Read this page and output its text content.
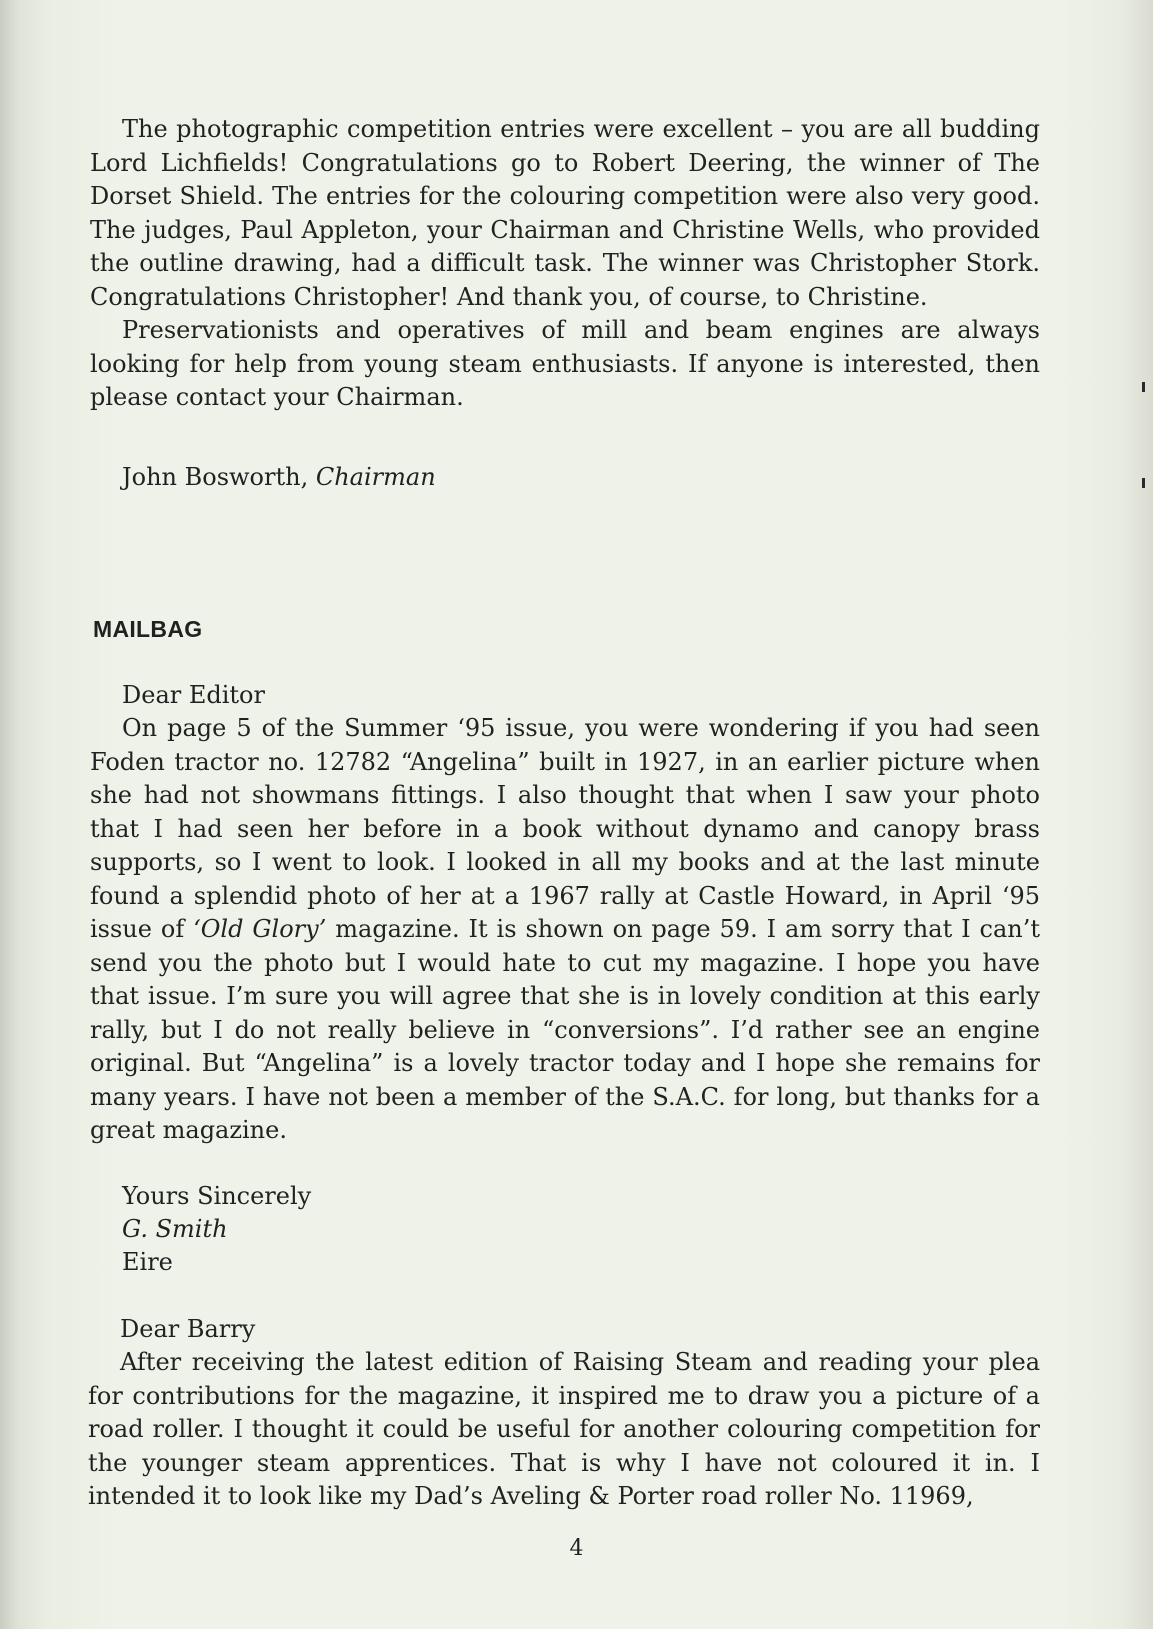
The photographic competition entries were excellent – you are all budding Lord Lichfields! Congratulations go to Robert Deering, the winner of The Dorset Shield. The entries for the colouring competition were also very good. The judges, Paul Appleton, your Chairman and Christine Wells, who provided the outline drawing, had a difficult task. The winner was Christopher Stork. Congratulations Christopher! And thank you, of course, to Christine.

Preservationists and operatives of mill and beam engines are always looking for help from young steam enthusiasts. If anyone is interested, then please contact your Chairman.

John Bosworth, Chairman
MAILBAG
Dear Editor

On page 5 of the Summer ‘95 issue, you were wondering if you had seen Foden tractor no. 12782 “Angelina” built in 1927, in an earlier picture when she had not showmans fittings. I also thought that when I saw your photo that I had seen her before in a book without dynamo and canopy brass supports, so I went to look. I looked in all my books and at the last minute found a splendid photo of her at a 1967 rally at Castle Howard, in April ‘95 issue of ‘Old Glory’ magazine. It is shown on page 59. I am sorry that I can’t send you the photo but I would hate to cut my magazine. I hope you have that issue. I’m sure you will agree that she is in lovely condition at this early rally, but I do not really believe in “conversions”. I’d rather see an engine original. But “Angelina” is a lovely tractor today and I hope she remains for many years. I have not been a member of the S.A.C. for long, but thanks for a great magazine.

Yours Sincerely
G. Smith
Eire
Dear Barry

After receiving the latest edition of Raising Steam and reading your plea for contributions for the magazine, it inspired me to draw you a picture of a road roller. I thought it could be useful for another colouring competition for the younger steam apprentices. That is why I have not coloured it in. I intended it to look like my Dad’s Aveling & Porter road roller No. 11969,

4
